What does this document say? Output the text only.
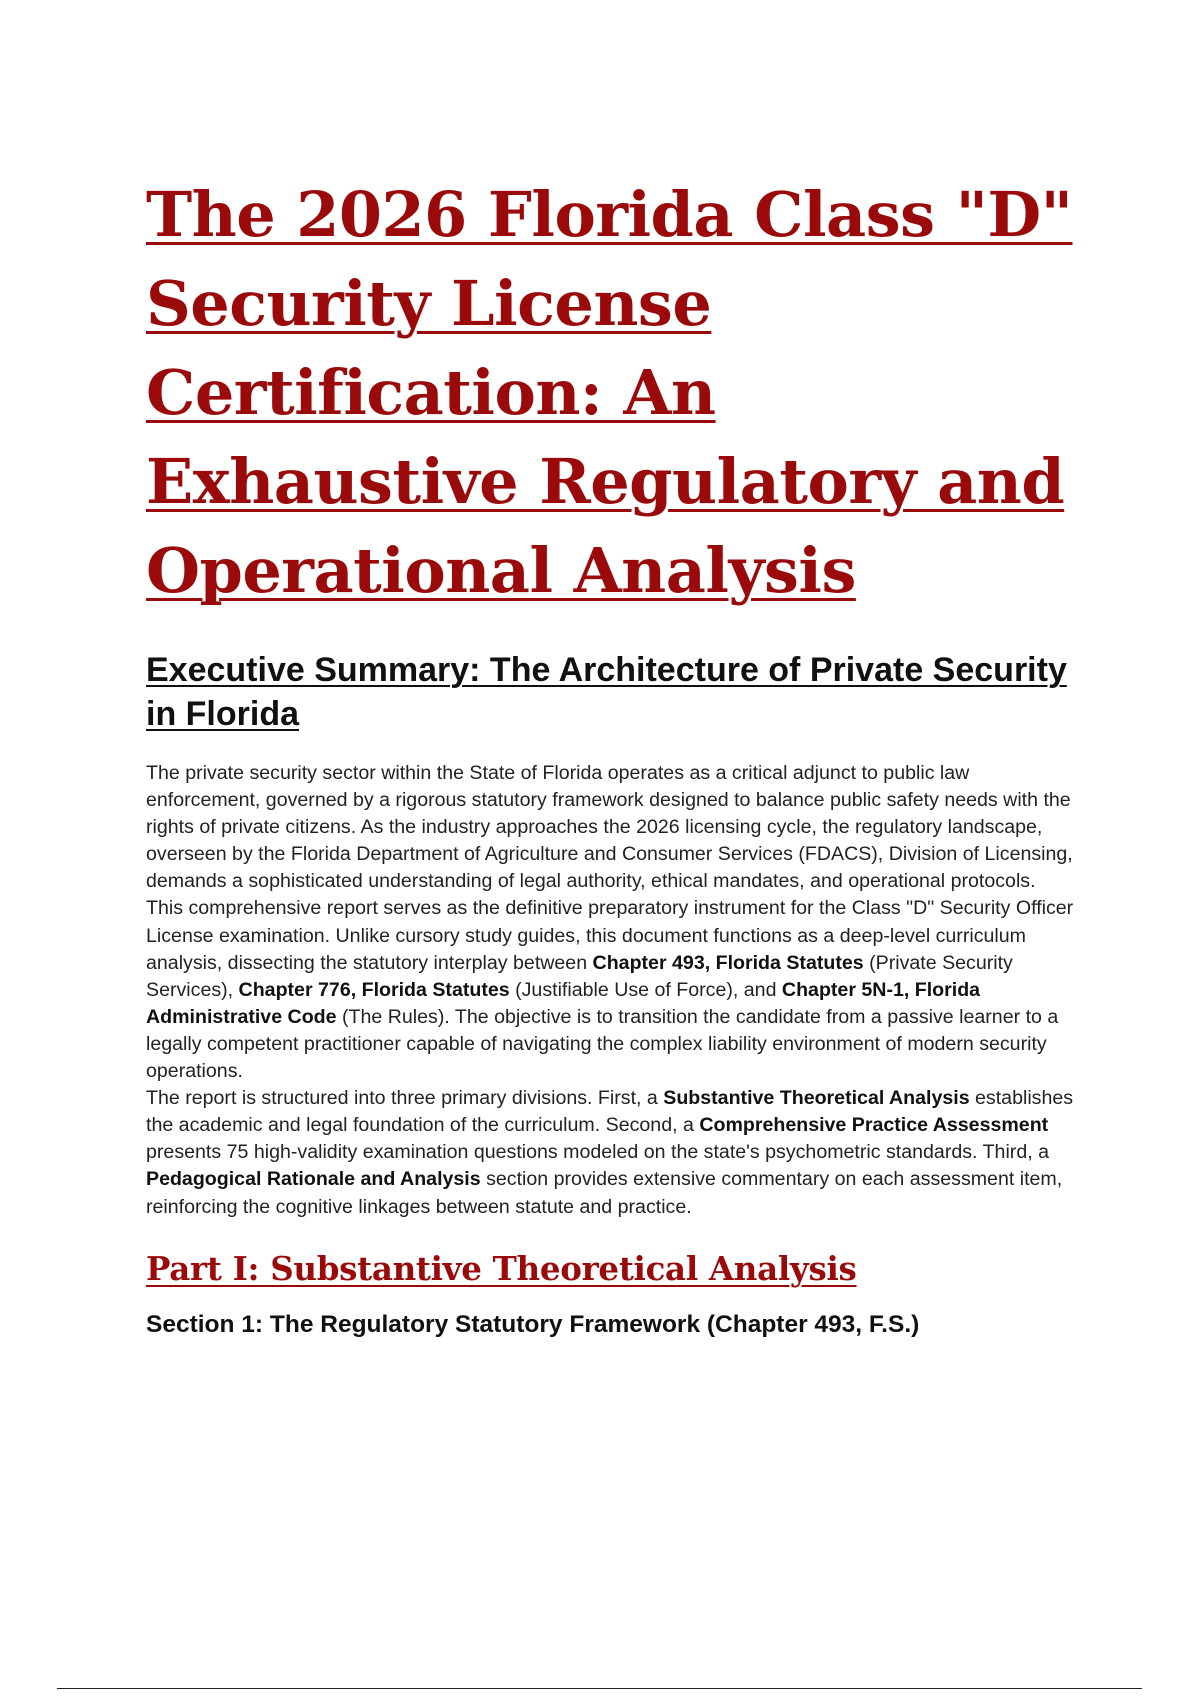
The 2026 Florida Class "D" Security License Certification: An Exhaustive Regulatory and Operational Analysis
Executive Summary: The Architecture of Private Security in Florida

The private security sector within the State of Florida operates as a critical adjunct to public law enforcement, governed by a rigorous statutory framework designed to balance public safety needs with the rights of private citizens. As the industry approaches the 2026 licensing cycle, the regulatory landscape, overseen by the Florida Department of Agriculture and Consumer Services (FDACS), Division of Licensing, demands a sophisticated understanding of legal authority, ethical mandates, and operational protocols.

This comprehensive report serves as the definitive preparatory instrument for the Class "D" Security Officer License examination. Unlike cursory study guides, this document functions as a deep-level curriculum analysis, dissecting the statutory interplay between Chapter 493, Florida Statutes (Private Security Services), Chapter 776, Florida Statutes (Justifiable Use of Force), and Chapter 5N-1, Florida Administrative Code (The Rules). The objective is to transition the candidate from a passive learner to a legally competent practitioner capable of navigating the complex liability environment of modern security operations.

The report is structured into three primary divisions. First, a Substantive Theoretical Analysis establishes the academic and legal foundation of the curriculum. Second, a Comprehensive Practice Assessment presents 75 high-validity examination questions modeled on the state's psychometric standards. Third, a Pedagogical Rationale and Analysis section provides extensive commentary on each assessment item, reinforcing the cognitive linkages between statute and practice.

Part I: Substantive Theoretical Analysis
Section 1: The Regulatory Statutory Framework (Chapter 493, F.S.)
